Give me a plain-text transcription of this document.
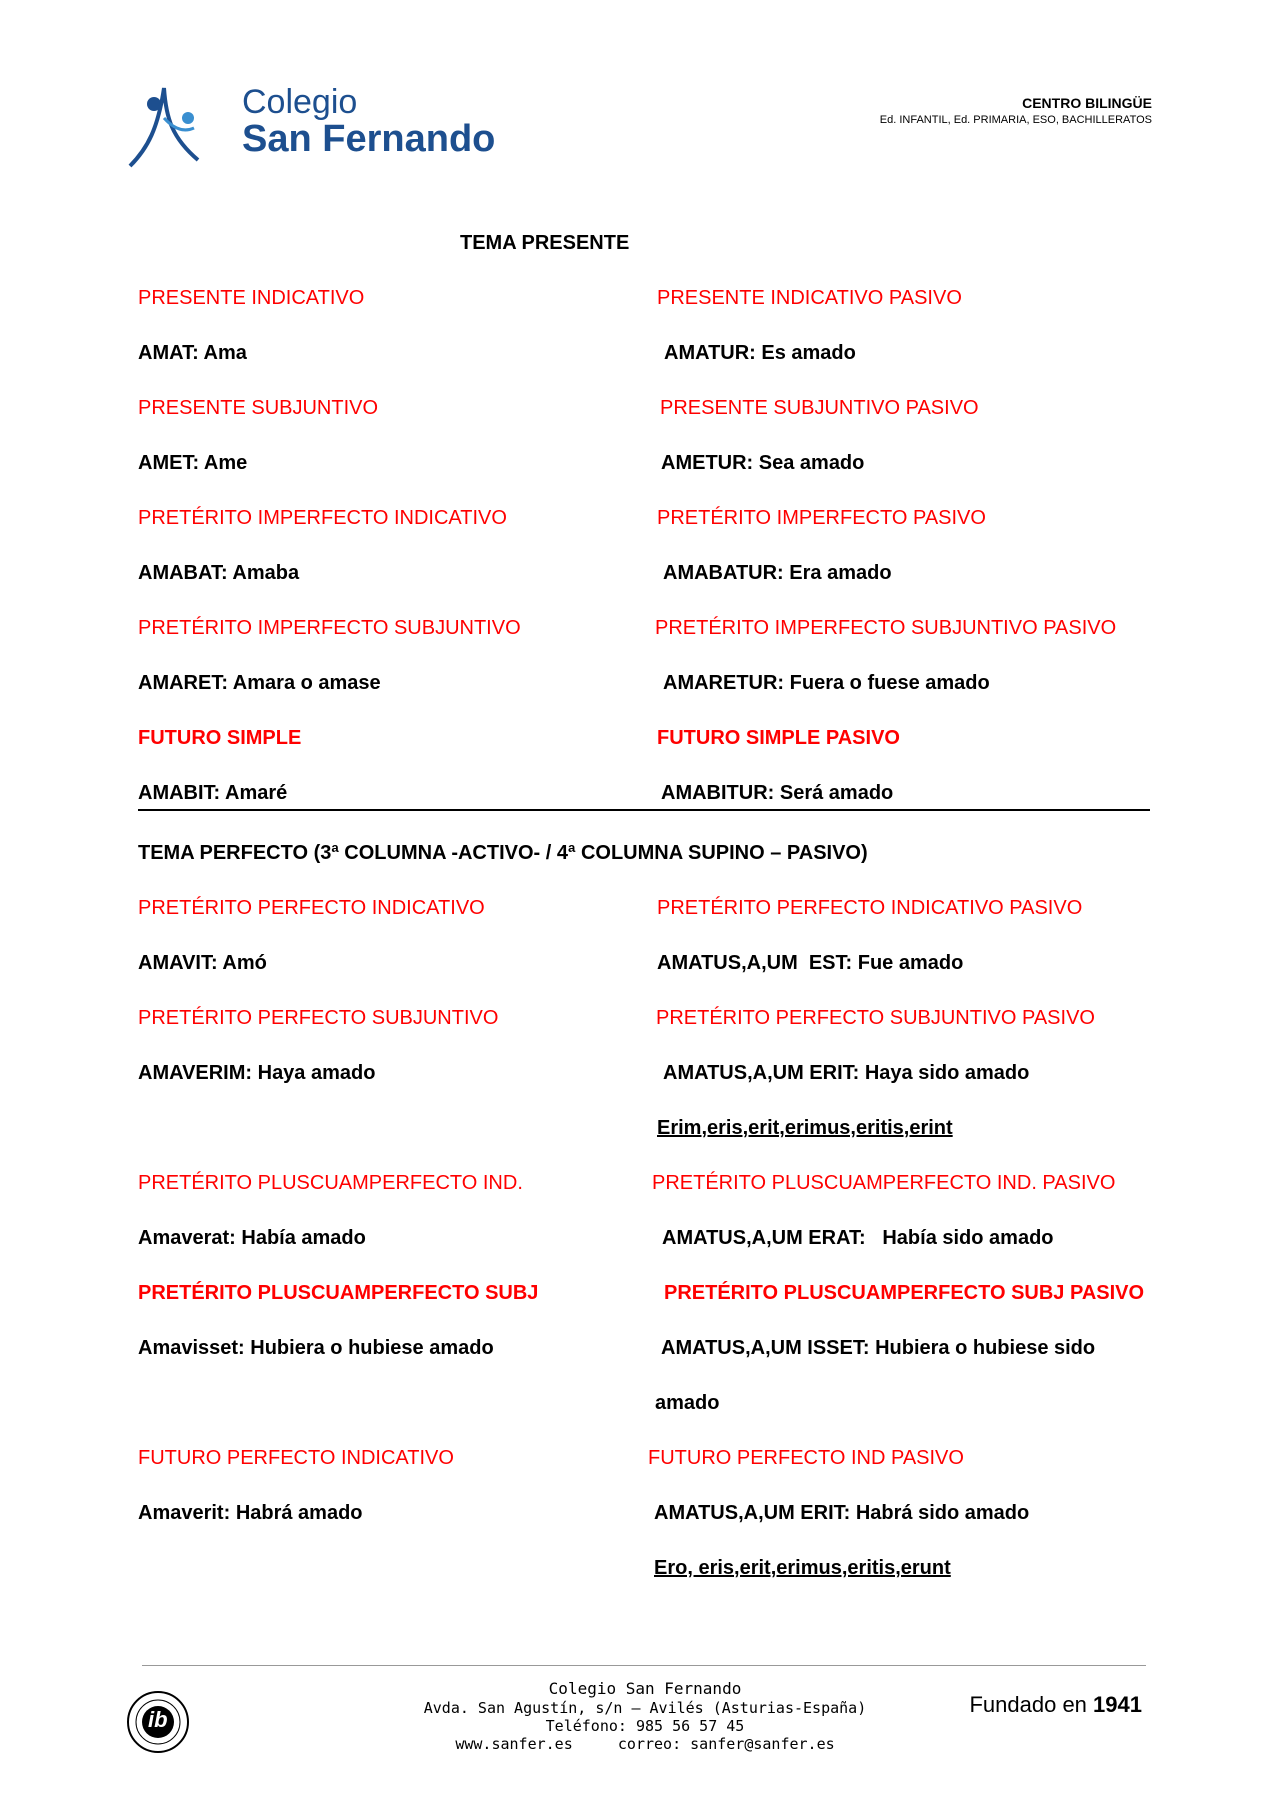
Colegio
San Fernando
CENTRO BILINGÜE
Ed. INFANTIL, Ed. PRIMARIA, ESO, BACHILLERATOS
TEMA PRESENTE
PRESENTE INDICATIVO	PRESENTE INDICATIVO PASIVO
AMAT: Ama	AMATUR: Es amado
PRESENTE SUBJUNTIVO	PRESENTE SUBJUNTIVO PASIVO
AMET: Ame	AMETUR: Sea amado
PRETÉRITO IMPERFECTO INDICATIVO	PRETÉRITO IMPERFECTO PASIVO
AMABAT: Amaba	AMABATUR: Era amado
PRETÉRITO IMPERFECTO SUBJUNTIVO	PRETÉRITO IMPERFECTO SUBJUNTIVO PASIVO
AMARET: Amara o amase	AMARETUR: Fuera o fuese amado
FUTURO SIMPLE	FUTURO SIMPLE PASIVO
AMABIT: Amaré	AMABITUR: Será amado
TEMA PERFECTO (3ª COLUMNA -ACTIVO- / 4ª COLUMNA SUPINO – PASIVO)
PRETÉRITO PERFECTO INDICATIVO	PRETÉRITO PERFECTO INDICATIVO PASIVO
AMAVIT: Amó	AMATUS,A,UM  EST: Fue amado
PRETÉRITO PERFECTO SUBJUNTIVO	PRETÉRITO PERFECTO SUBJUNTIVO PASIVO
AMAVERIM: Haya amado	AMATUS,A,UM ERIT: Haya sido amado
Erim,eris,erit,erimus,eritis,erint
PRETÉRITO PLUSCUAMPERFECTO IND.	PRETÉRITO PLUSCUAMPERFECTO IND. PASIVO
Amaverat: Había amado	AMATUS,A,UM ERAT:   Había sido amado
PRETÉRITO PLUSCUAMPERFECTO SUBJ	PRETÉRITO PLUSCUAMPERFECTO SUBJ PASIVO
Amavisset: Hubiera o hubiese amado	AMATUS,A,UM ISSET: Hubiera o hubiese sido
amado
FUTURO PERFECTO INDICATIVO	FUTURO PERFECTO IND PASIVO
Amaverit: Habrá amado	AMATUS,A,UM ERIT: Habrá sido amado
Ero, eris,erit,erimus,eritis,erunt
ib
Colegio San Fernando
Avda. San Agustín, s/n – Avilés (Asturias-España)
Teléfono: 985 56 57 45
www.sanfer.es     correo: sanfer@sanfer.es
Fundado en 1941
